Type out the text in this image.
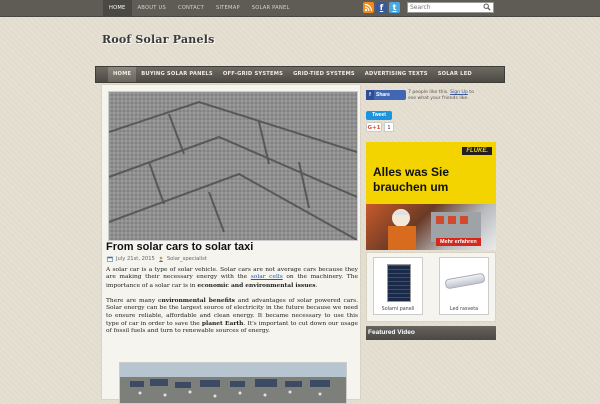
HOME	ABOUT US	CONTACT	SITEMAP	SOLAR PANEL	f	t
Search
Roof Solar Panels
HOME	BUYING SOLAR PANELS	OFF-GRID SYSTEMS	GRID-TIED SYSTEMS	ADVERTISING TEXTS	SOLAR LED
From solar cars to solar taxi
July 21st, 2015 Solar_specialist

A solar car is a type of solar vehicle. Solar cars are not average cars because they are making their necessary energy with the solar cells on the machinery. The importance of a solar car is in economic and environmental issues.

There are many environmental benefits and advantages of solar powered cars. Solar energy can be the largest source of electricity in the future because we need to ensure reliable, affordable and clean energy. It became necessary to use this type of car in order to save the planet Earth. It's important to cut down our usage of fossil fuels and turn to renewable sources of energy.

f Share	7 people like this. Sign Up to see what your friends like.
Tweet
G+1	1
FLUKE.
Alles was Sie brauchen um
Mehr erfahren
Solarni paneli	Led rasveta
Featured Video
